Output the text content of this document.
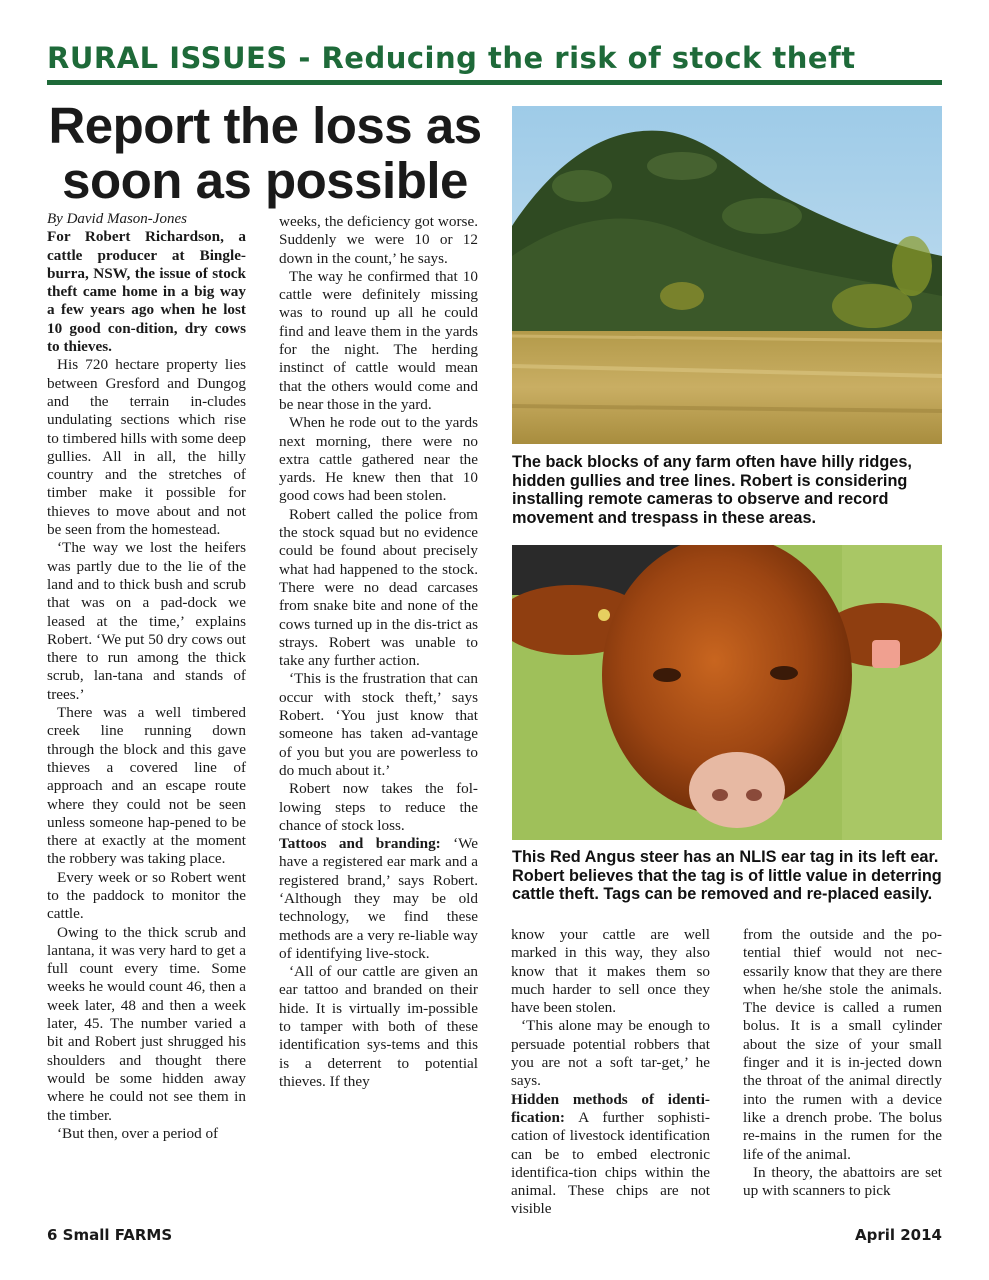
RURAL ISSUES - Reducing the risk of stock theft
Report the loss as
soon as possible

By David Mason-Jones

For Robert Richardson, a cattle producer at Bingle-burra, NSW, the issue of stock theft came home in a big way a few years ago when he lost 10 good con-dition, dry cows to thieves.

His 720 hectare property lies between Gresford and Dungog and the terrain in-cludes undulating sections which rise to timbered hills with some deep gullies. All in all, the hilly country and the stretches of timber make it possible for thieves to move about and not be seen from the homestead.

‘The way we lost the heifers was partly due to the lie of the land and to thick bush and scrub that was on a pad-dock we leased at the time,’ explains Robert. ‘We put 50 dry cows out there to run among the thick scrub, lan-tana and stands of trees.’

There was a well timbered creek line running down through the block and this gave thieves a covered line of approach and an escape route where they could not be seen unless someone hap-pened to be there at exactly at the moment the robbery was taking place.

Every week or so Robert went to the paddock to monitor the cattle.

Owing to the thick scrub and lantana, it was very hard to get a full count every time. Some weeks he would count 46, then a week later, 48 and then a week later, 45. The number varied a bit and Robert just shrugged his shoulders and thought there would be some hidden away where he could not see them in the timber.

‘But then, over a period of

weeks, the deficiency got worse. Suddenly we were 10 or 12 down in the count,’ he says.

The way he confirmed that 10 cattle were definitely missing was to round up all he could find and leave them in the yards for the night. The herding instinct of cattle would mean that the others would come and be near those in the yard.

When he rode out to the yards next morning, there were no extra cattle gathered near the yards. He knew then that 10 good cows had been stolen.

Robert called the police from the stock squad but no evidence could be found about precisely what had happened to the stock. There were no dead carcases from snake bite and none of the cows turned up in the dis-trict as strays. Robert was unable to take any further action.

‘This is the frustration that can occur with stock theft,’ says Robert. ‘You just know that someone has taken ad-vantage of you but you are powerless to do much about it.’

Robert now takes the fol-lowing steps to reduce the chance of stock loss.

Tattoos and branding: ‘We have a registered ear mark and a registered brand,’ says Robert. ‘Although they may be old technology, we find these methods are a very re-liable way of identifying live-stock.

‘All of our cattle are given an ear tattoo and branded on their hide. It is virtually im-possible to tamper with both of these identification sys-tems and this is a deterrent to potential thieves. If they

The back blocks of any farm often have hilly ridges, hidden gullies and tree lines. Robert is considering installing remote cameras to observe and record movement and trespass in these areas.
This Red Angus steer has an NLIS ear tag in its left ear. Robert believes that the tag is of little value in deterring cattle theft. Tags can be removed and re-placed easily.

know your cattle are well marked in this way, they also know that it makes them so much harder to sell once they have been stolen.

‘This alone may be enough to persuade potential robbers that you are not a soft tar-get,’ he says.

Hidden methods of identi-fication: A further sophisti-cation of livestock identification can be to embed electronic identifica-tion chips within the animal. These chips are not visible

from the outside and the po-tential thief would not nec-essarily know that they are there when he/she stole the animals. The device is called a rumen bolus. It is a small cylinder about the size of your small finger and it is in-jected down the throat of the animal directly into the rumen with a device like a drench probe. The bolus re-mains in the rumen for the life of the animal.

In theory, the abattoirs are set up with scanners to pick

6 Small FARMS	April 2014
